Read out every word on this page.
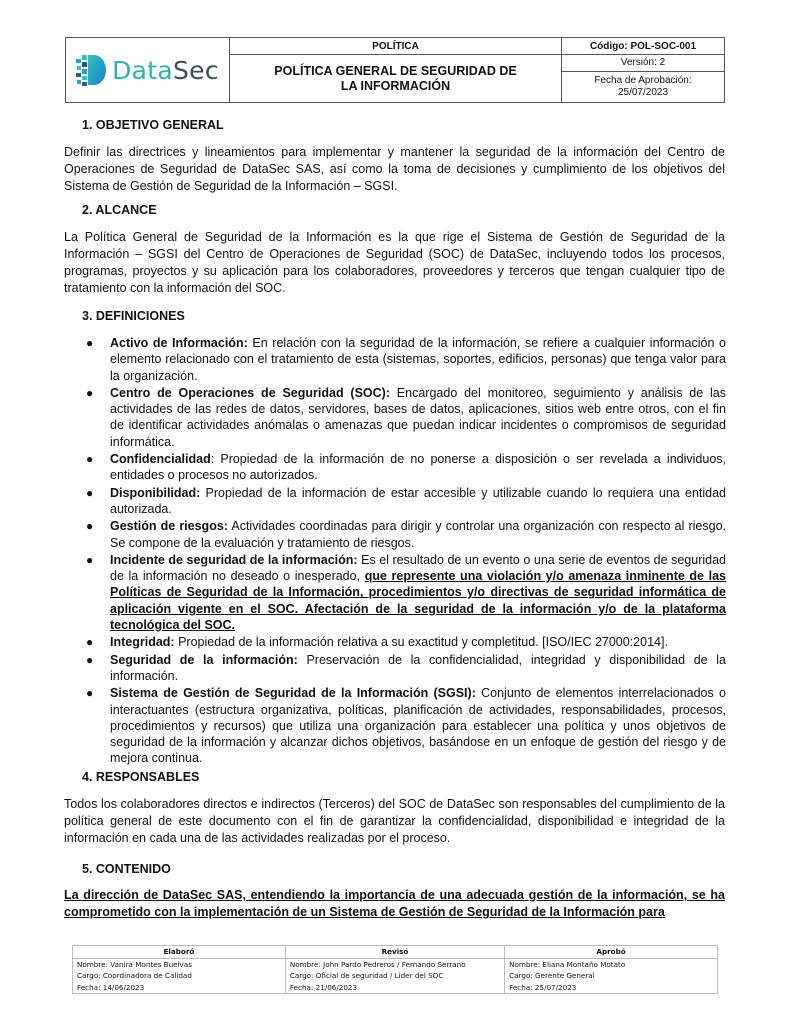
DataSec	POLÍTICA	Código: POL-SOC-001

	POLÍTICA GENERAL DE SEGURIDAD DE LA INFORMACIÓN	Versión: 2

		Fecha de Aprobación:
25/07/2023
1. OBJETIVO GENERAL
Definir las directrices y lineamientos para implementar y mantener la seguridad de la información del Centro de Operaciones de Seguridad de DataSec SAS, así como la toma de decisiones y cumplimiento de los objetivos del Sistema de Gestión de Seguridad de la Información – SGSI.
2. ALCANCE
La Política General de Seguridad de la Información es la que rige el Sistema de Gestión de Seguridad de la Información – SGSI del Centro de Operaciones de Seguridad (SOC) de DataSec, incluyendo todos los procesos, programas, proyectos y su aplicación para los colaboradores, proveedores y terceros que tengan cualquier tipo de tratamiento con la información del SOC.
3. DEFINICIONES
● Activo de Información: En relación con la seguridad de la información, se refiere a cualquier información o elemento relacionado con el tratamiento de esta (sistemas, soportes, edificios, personas) que tenga valor para la organización.
● Centro de Operaciones de Seguridad (SOC): Encargado del monitoreo, seguimiento y análisis de las actividades de las redes de datos, servidores, bases de datos, aplicaciones, sitios web entre otros, con el fin de identificar actividades anómalas o amenazas que puedan indicar incidentes o compromisos de seguridad informática.
● Confidencialidad: Propiedad de la información de no ponerse a disposición o ser revelada a individuos, entidades o procesos no autorizados.
● Disponibilidad: Propiedad de la información de estar accesible y utilizable cuando lo requiera una entidad autorizada.
● Gestión de riesgos: Actividades coordinadas para dirigir y controlar una organización con respecto al riesgo. Se compone de la evaluación y tratamiento de riesgos.
● Incidente de seguridad de la información: Es el resultado de un evento o una serie de eventos de seguridad de la información no deseado o inesperado, que represente una violación y/o amenaza inminente de las Políticas de Seguridad de la Información, procedimientos y/o directivas de seguridad informática de aplicación vigente en el SOC. Afectación de la seguridad de la información y/o de la plataforma tecnológica del SOC.
● Integridad: Propiedad de la información relativa a su exactitud y completitud. [ISO/IEC 27000:2014].
● Seguridad de la información: Preservación de la confidencialidad, integridad y disponibilidad de la información.
● Sistema de Gestión de Seguridad de la Información (SGSI): Conjunto de elementos interrelacionados o interactuantes (estructura organizativa, políticas, planificación de actividades, responsabilidades, procesos, procedimientos y recursos) que utiliza una organización para establecer una política y unos objetivos de seguridad de la información y alcanzar dichos objetivos, basándose en un enfoque de gestión del riesgo y de mejora continua.
4. RESPONSABLES
Todos los colaboradores directos e indirectos (Terceros) del SOC de DataSec son responsables del cumplimiento de la política general de este documento con el fin de garantizar la confidencialidad, disponibilidad e integridad de la información en cada una de las actividades realizadas por el proceso.
5. CONTENIDO
La dirección de DataSec SAS, entendiendo la importancia de una adecuada gestión de la información, se ha comprometido con la implementación de un Sistema de Gestión de Seguridad de la Información para
Elaboró	Revisó	Aprobó
Nombre: Vanira Montes Buelvas	Nombre: John Pardo Pedreros / Fernando Serrano	Nombre: Eliana Montaño Motato
Cargo: Coordinadora de Calidad	Cargo: Oficial de seguridad / Lider del SOC	Cargo: Gerente General
Fecha: 14/06/2023	Fecha: 21/06/2023	Fecha: 25/07/2023
